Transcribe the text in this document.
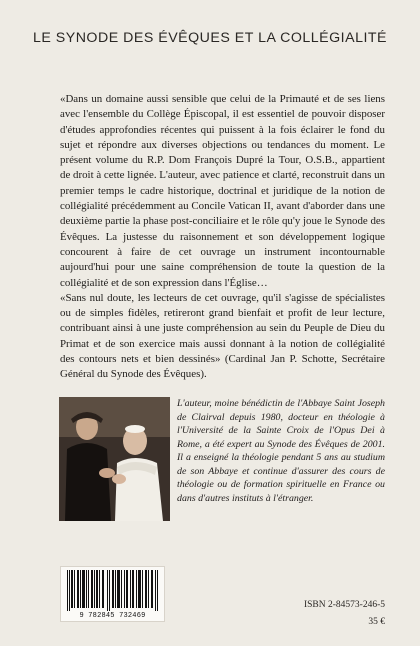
LE SYNODE DES ÉVÊQUES ET LA COLLÉGIALITÉ

«Dans un domaine aussi sensible que celui de la Primauté et de ses liens avec l'ensemble du Collège Épiscopal, il est essentiel de pouvoir disposer d'études approfondies récentes qui puissent à la fois éclairer le fond du sujet et répondre aux diverses objections ou tendances du moment. Le présent volume du R.P. Dom François Dupré la Tour, O.S.B., appartient de droit à cette lignée. L'auteur, avec patience et clarté, reconstruit dans un premier temps le cadre historique, doctrinal et juridique de la notion de collégialité précédemment au Concile Vatican II, avant d'aborder dans une deuxième partie la phase post-conciliaire et le rôle qu'y joue le Synode des Évêques. La justesse du raisonnement et son développement logique concourent à faire de cet ouvrage un instrument incontournable aujourd'hui pour une saine compréhension de toute la question de la collégialité et de son expression dans l'Église…

«Sans nul doute, les lecteurs de cet ouvrage, qu'il s'agisse de spécialistes ou de simples fidèles, retireront grand bienfait et profit de leur lecture, contribuant ainsi à une juste compréhension au sein du Peuple de Dieu du Primat et de son exercice mais aussi donnant à la notion de collégialité des contours nets et bien dessinés» (Cardinal Jan P. Schotte, Secrétaire Général du Synode des Évêques).

L'auteur, moine bénédictin de l'Abbaye Saint Joseph de Clairval depuis 1980, docteur en théologie à l'Université de la Sainte Croix de l'Opus Dei à Rome, a été expert au Synode des Évêques de 2001. Il a enseigné la théologie pendant 5 ans au studium de son Abbaye et continue d'assurer des cours de théologie ou de formation spirituelle en France ou dans d'autres instituts à l'étranger.

9 782845 732469
ISBN 2-84573-246-5
35 €
